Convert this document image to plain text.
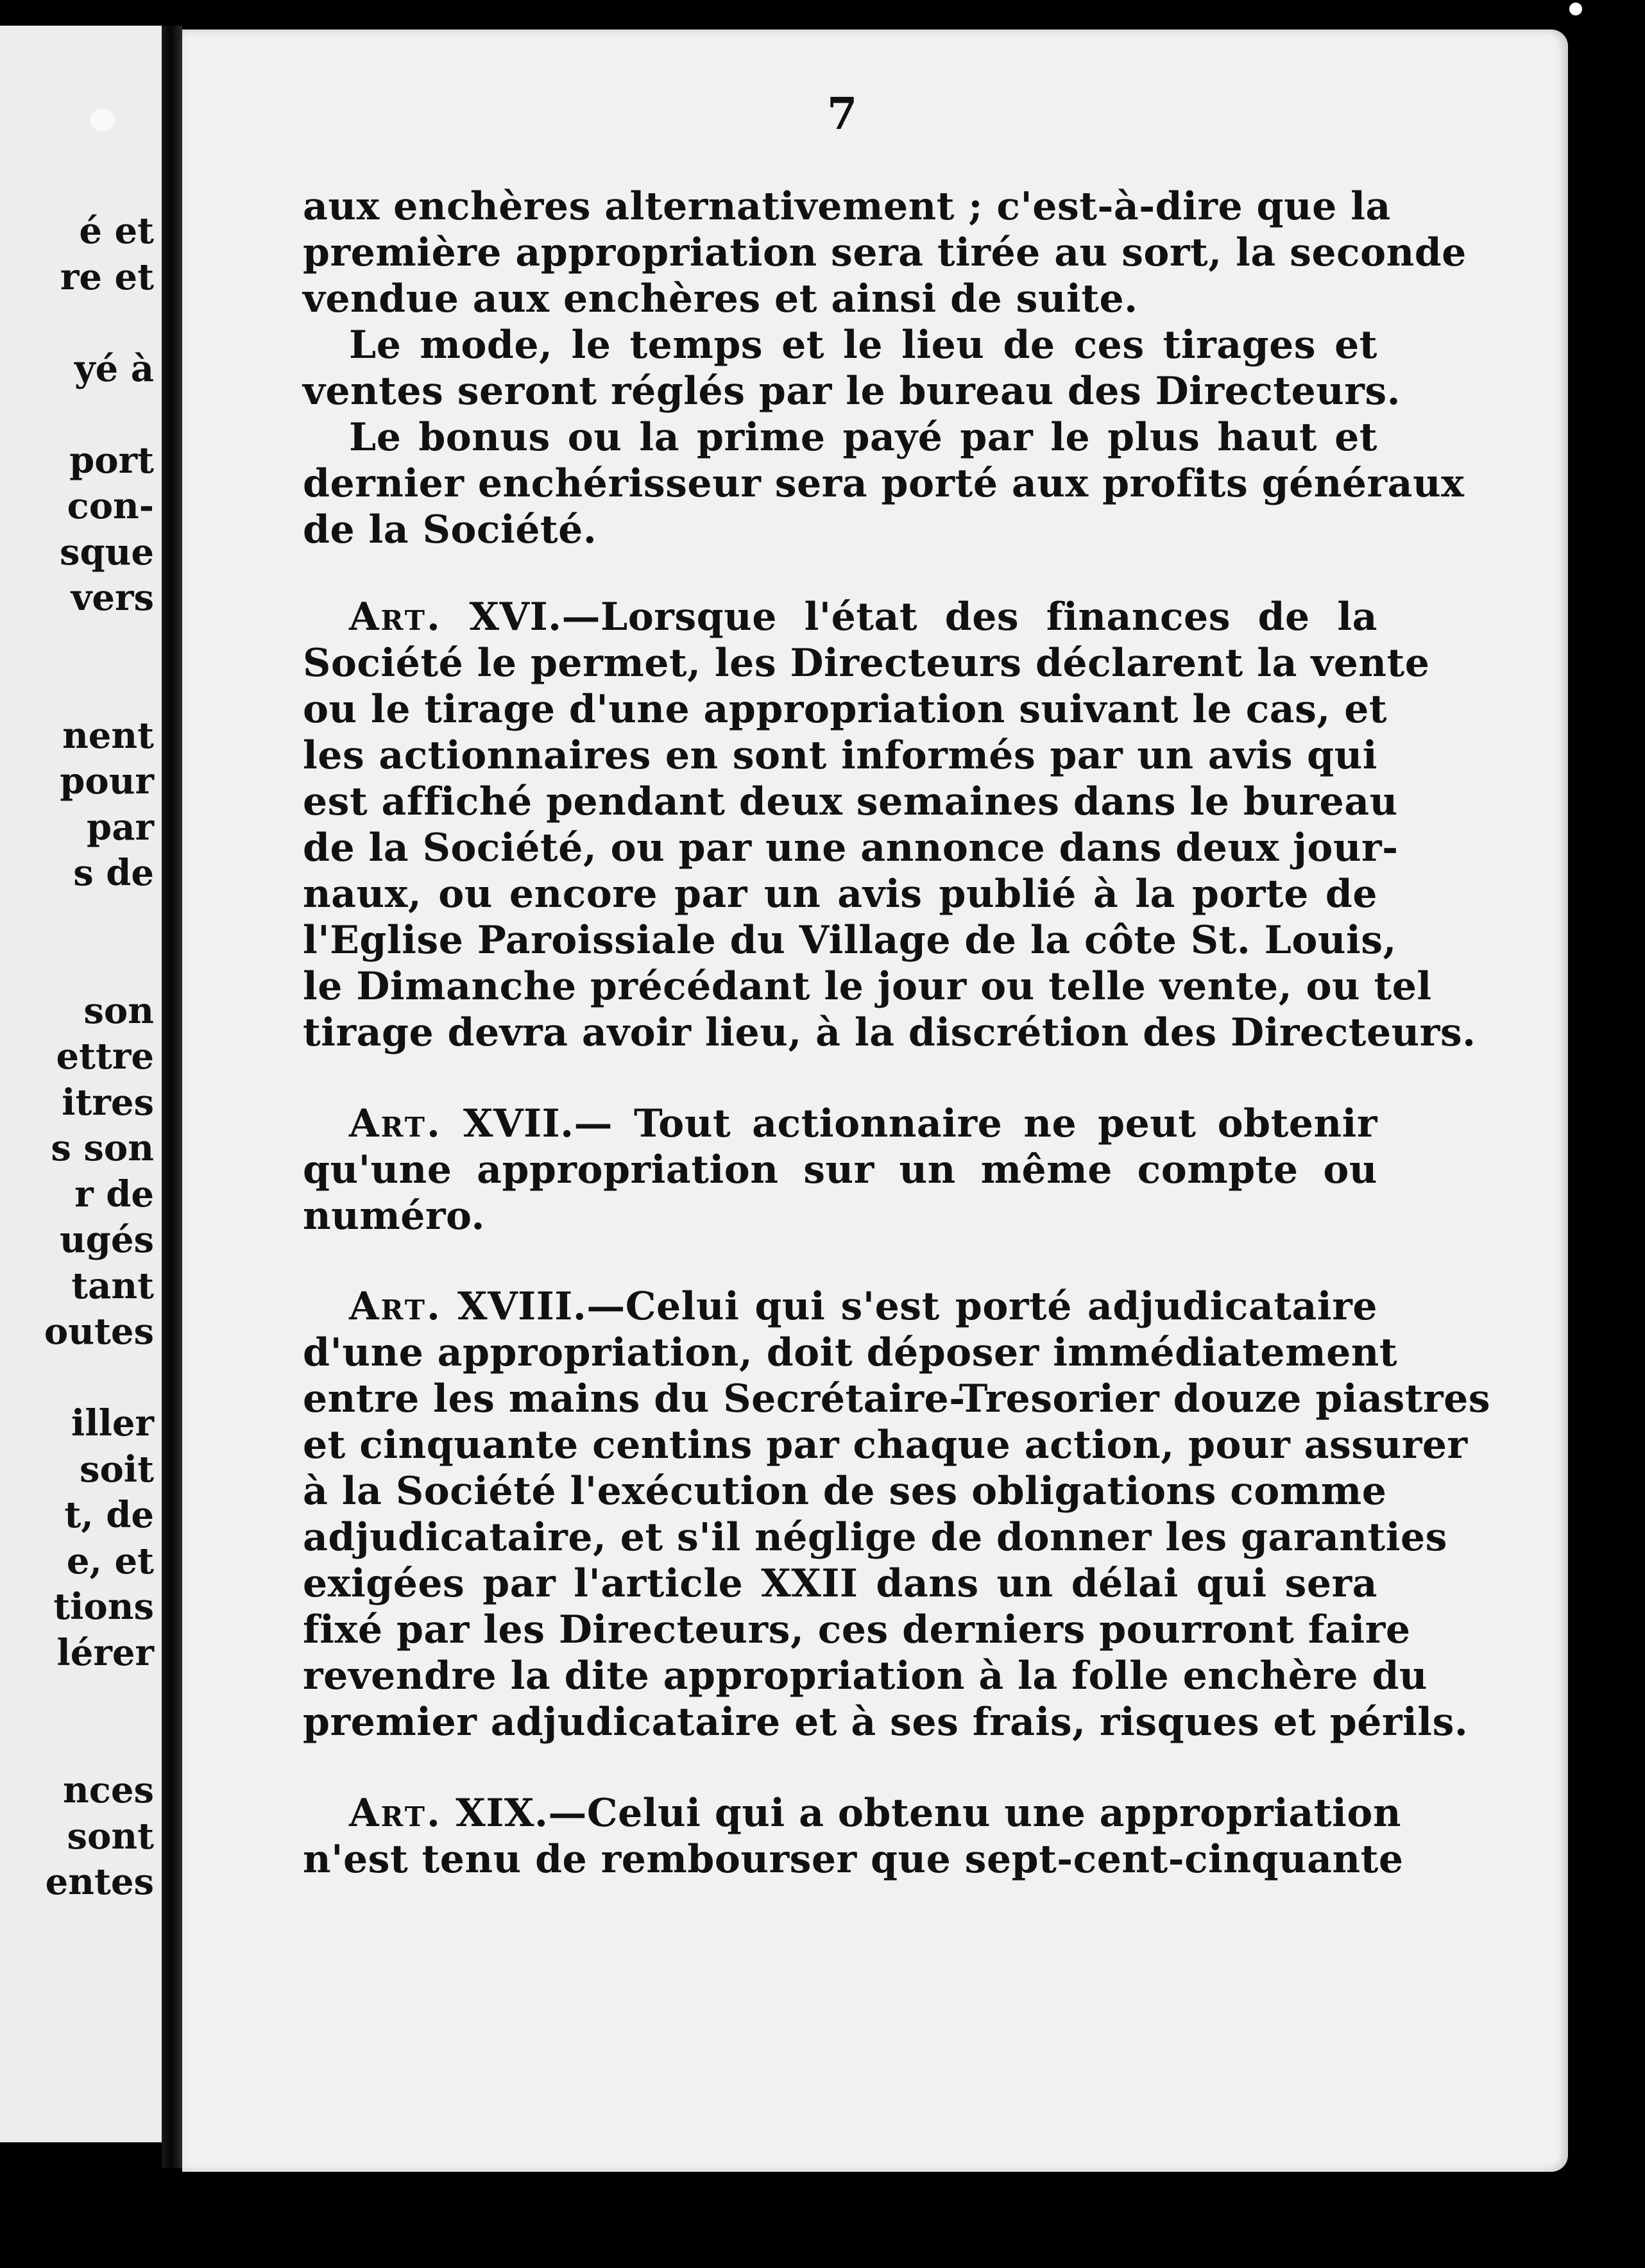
é et
re et
yé à
port
con-
sque
vers
nent
pour
par
s de
son
ettre
itres
s son
r de
ugés
tant
outes
iller
soit
t, de
e, et
tions
lérer
nces
sont
entes
7
aux enchères alternativement ; c'est-à-dire que la
première appropriation sera tirée au sort, la seconde
vendue aux enchères et ainsi de suite.
Le mode, le temps et le lieu de ces tirages et
ventes seront réglés par le bureau des Directeurs.
Le bonus ou la prime payé par le plus haut et
dernier enchérisseur sera porté aux profits généraux
de la Société.
Art. XVI.—Lorsque l'état des finances de la
Société le permet, les Directeurs déclarent la vente
ou le tirage d'une appropriation suivant le cas, et
les actionnaires en sont informés par un avis qui
est affiché pendant deux semaines dans le bureau
de la Société, ou par une annonce dans deux jour-
naux, ou encore par un avis publié à la porte de
l'Eglise Paroissiale du Village de la côte St. Louis,
le Dimanche précédant le jour ou telle vente, ou tel
tirage devra avoir lieu, à la discrétion des Directeurs.
Art. XVII.— Tout actionnaire ne peut obtenir
qu'une appropriation sur un même compte ou
numéro.
Art. XVIII.—Celui qui s'est porté adjudicataire
d'une appropriation, doit déposer immédiatement
entre les mains du Secrétaire-Tresorier douze piastres
et cinquante centins par chaque action, pour assurer
à la Société l'exécution de ses obligations comme
adjudicataire, et s'il néglige de donner les garanties
exigées par l'article XXII dans un délai qui sera
fixé par les Directeurs, ces derniers pourront faire
revendre la dite appropriation à la folle enchère du
premier adjudicataire et à ses frais, risques et périls.
Art. XIX.—Celui qui a obtenu une appropriation
n'est tenu de rembourser que sept-cent-cinquante
